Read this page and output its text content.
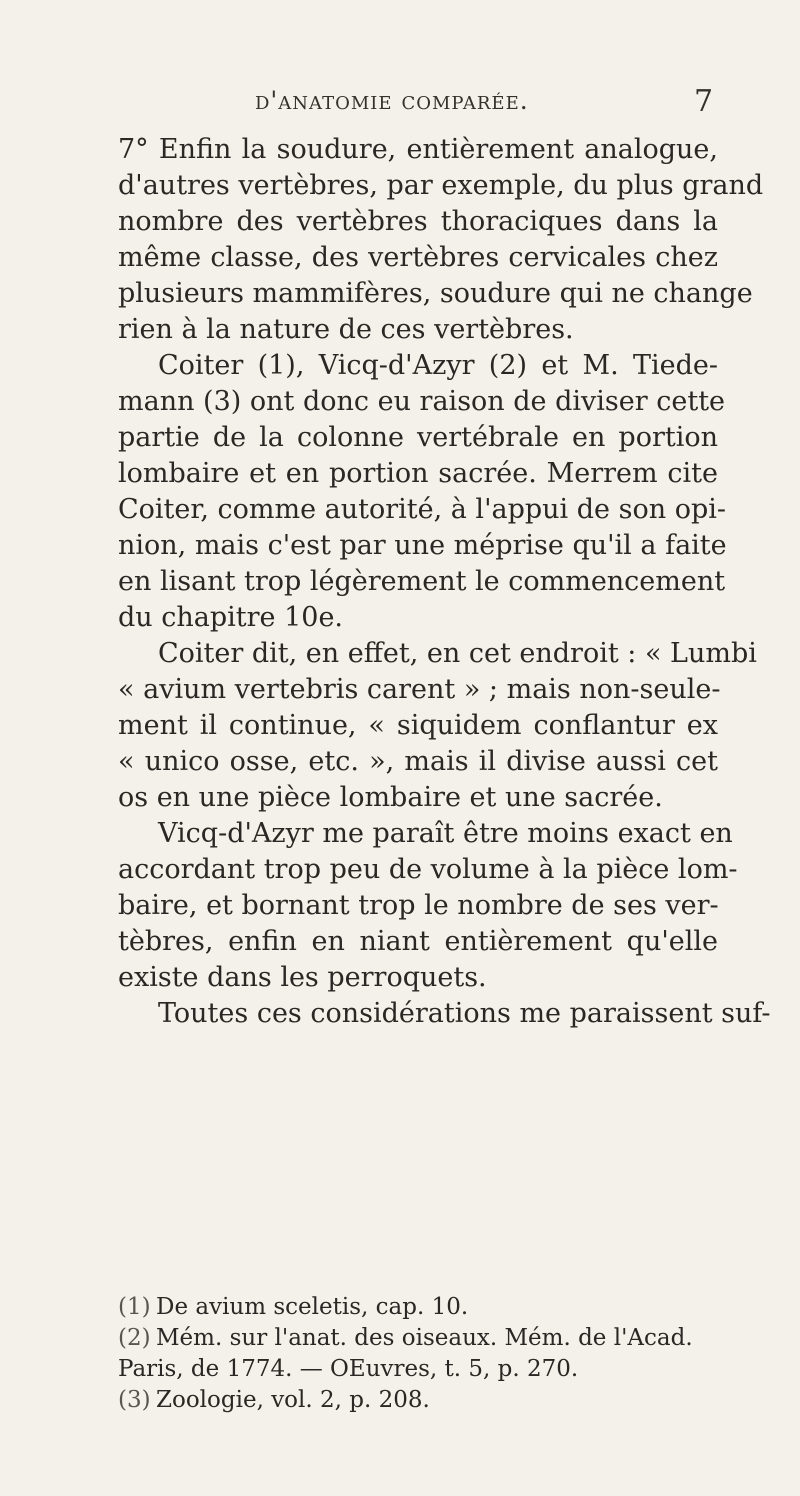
d'anatomie comparée.	7
7° Enfin la soudure, entièrement analogue,
d'autres vertèbres, par exemple, du plus grand
nombre des vertèbres thoraciques dans la
même classe, des vertèbres cervicales chez
plusieurs mammifères, soudure qui ne change
rien à la nature de ces vertèbres.
Coiter (1), Vicq-d'Azyr (2) et M. Tiede-
mann (3) ont donc eu raison de diviser cette
partie de la colonne vertébrale en portion
lombaire et en portion sacrée. Merrem cite
Coiter, comme autorité, à l'appui de son opi-
nion, mais c'est par une méprise qu'il a faite
en lisant trop légèrement le commencement
du chapitre 10e.
Coiter dit, en effet, en cet endroit : « Lumbi
« avium vertebris carent » ; mais non-seule-
ment il continue, « siquidem conflantur ex
« unico osse, etc. », mais il divise aussi cet
os en une pièce lombaire et une sacrée.
Vicq-d'Azyr me paraît être moins exact en
accordant trop peu de volume à la pièce lom-
baire, et bornant trop le nombre de ses ver-
tèbres, enfin en niant entièrement qu'elle
existe dans les perroquets.
Toutes ces considérations me paraissent suf-
(1) De avium sceletis, cap. 10.
(2) Mém. sur l'anat. des oiseaux. Mém. de l'Acad.
Paris, de 1774. — OEuvres, t. 5, p. 270.
(3) Zoologie, vol. 2, p. 208.
